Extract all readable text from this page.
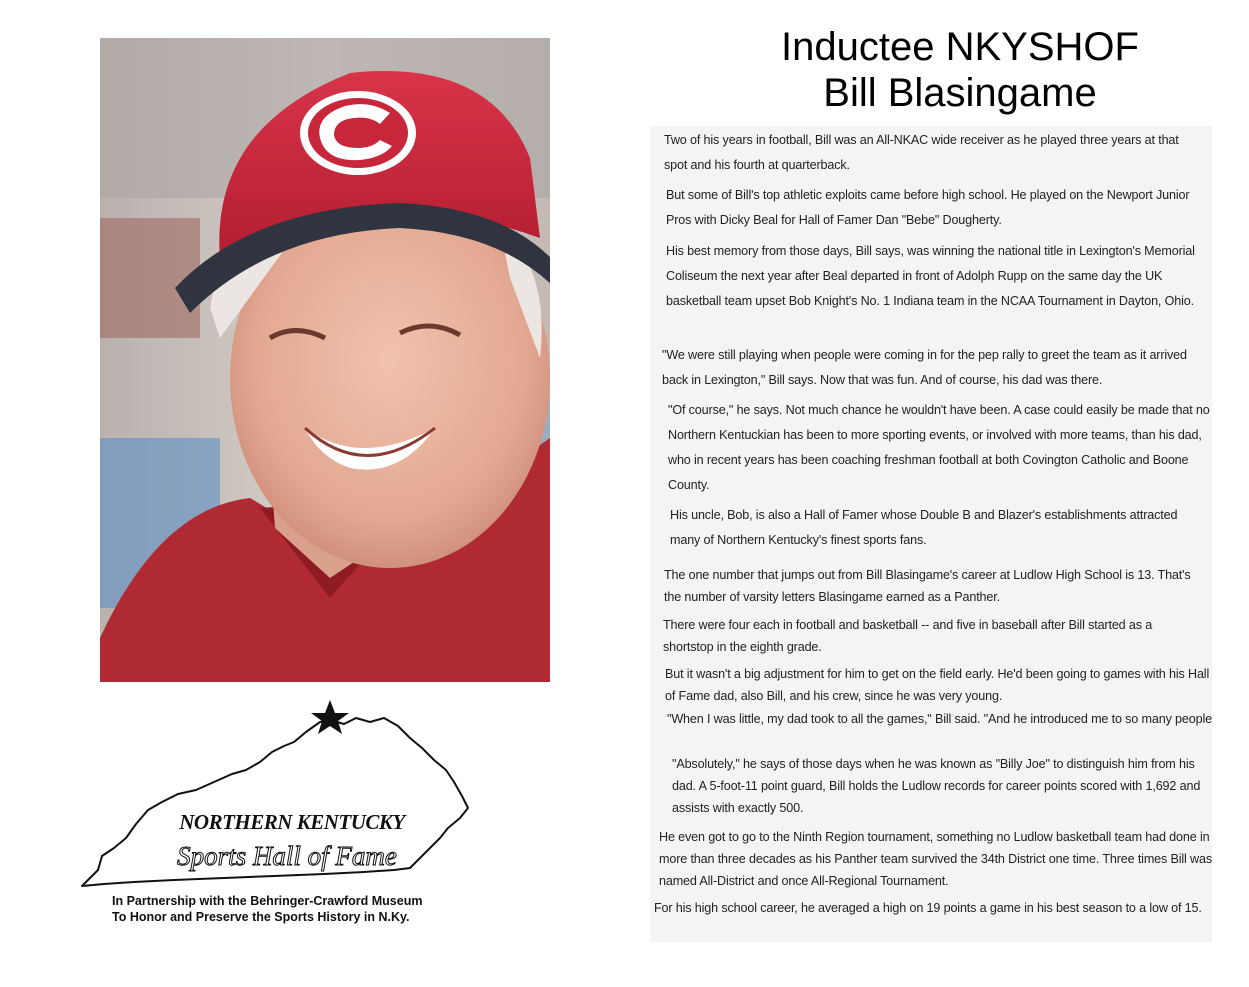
NORTHERN KENTUCKY
Sports Hall of Fame
In Partnership with the Behringer-Crawford Museum
To Honor and Preserve the Sports History in N.Ky.
Inductee NKYSHOF
Bill Blasingame

Two of his years in football, Bill was an All-NKAC wide receiver as he played three years at that spot and his fourth at quarterback.

But some of Bill's top athletic exploits came before high school. He played on the Newport Junior Pros with Dicky Beal for Hall of Famer Dan "Bebe" Dougherty.

His best memory from those days, Bill says, was winning the national title in Lexington's Memorial Coliseum the next year after Beal departed in front of Adolph Rupp on the same day the UK basketball team upset Bob Knight's No. 1 Indiana team in the NCAA Tournament in Dayton, Ohio.

"We were still playing when people were coming in for the pep rally to greet the team as it arrived back in Lexington," Bill says. Now that was fun. And of course, his dad was there.

"Of course," he says. Not much chance he wouldn't have been. A case could easily be made that no Northern Kentuckian has been to more sporting events, or involved with more teams, than his dad, who in recent years has been coaching freshman football at both Covington Catholic and Boone County.

His uncle, Bob, is also a Hall of Famer whose Double B and Blazer's establishments attracted many of Northern Kentucky's finest sports fans.

The one number that jumps out from Bill Blasingame's career at Ludlow High School is 13. That's the number of varsity letters Blasingame earned as a Panther.

There were four each in football and basketball -- and five in baseball after Bill started as a shortstop in the eighth grade.

But it wasn't a big adjustment for him to get on the field early. He'd been going to games with his Hall of Fame dad, also Bill, and his crew, since he was very young.

"When I was little, my dad took to all the games," Bill said. "And he introduced me to so many people

"Absolutely," he says of those days when he was known as "Billy Joe" to distinguish him from his dad. A 5-foot-11 point guard, Bill holds the Ludlow records for career points scored with 1,692 and assists with exactly 500.

He even got to go to the Ninth Region tournament, something no Ludlow basketball team had done in more than three decades as his Panther team survived the 34th District one time. Three times Bill was named All-District and once All-Regional Tournament.

For his high school career, he averaged a high on 19 points a game in his best season to a low of 15.
